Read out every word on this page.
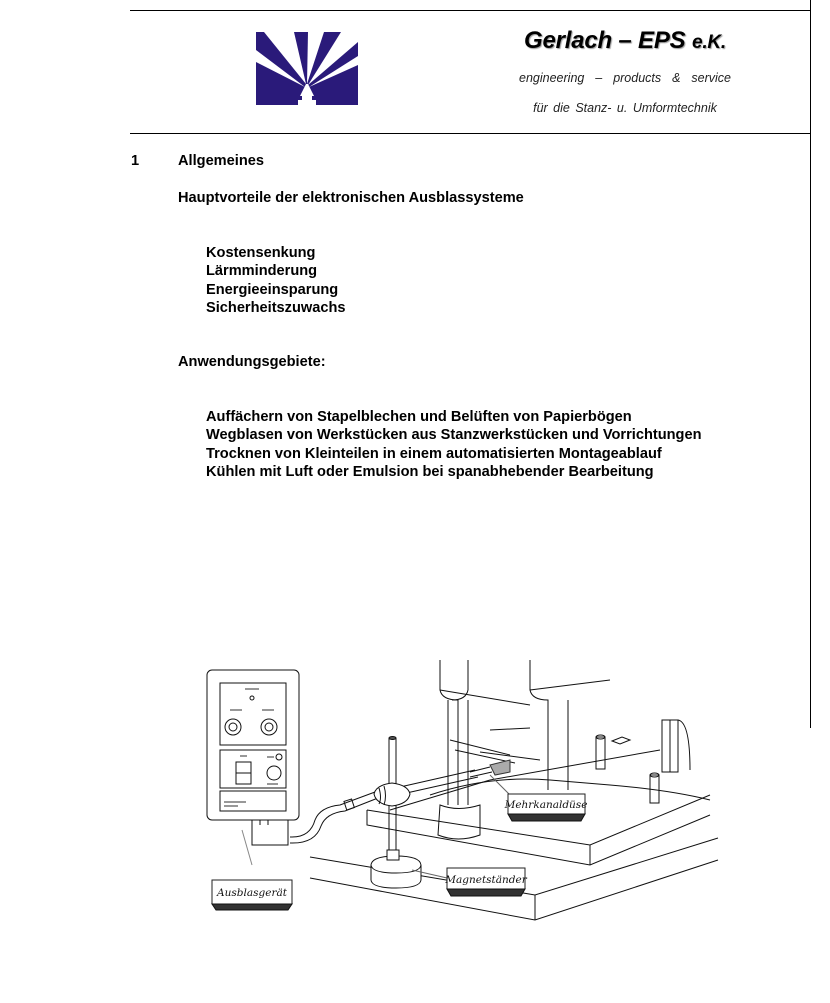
Gerlach – EPS e.K.
engineering  –  products  &  service
für die Stanz- u. Umformtechnik
1	Allgemeines
Hauptvorteile der elektronischen Ausblassysteme
Kostensenkung
Lärmminderung
Energieeinsparung
Sicherheitszuwachs
Anwendungsgebiete:
Auffächern von Stapelblechen und Belüften von Papierbögen
Wegblasen von Werkstücken aus Stanzwerkstücken und Vorrichtungen
Trocknen von Kleinteilen in einem automatisierten Montageablauf
Kühlen mit Luft oder Emulsion bei spanabhebender Bearbeitung
Mehrkanaldüse
Magnetständer
Ausblasgerät
